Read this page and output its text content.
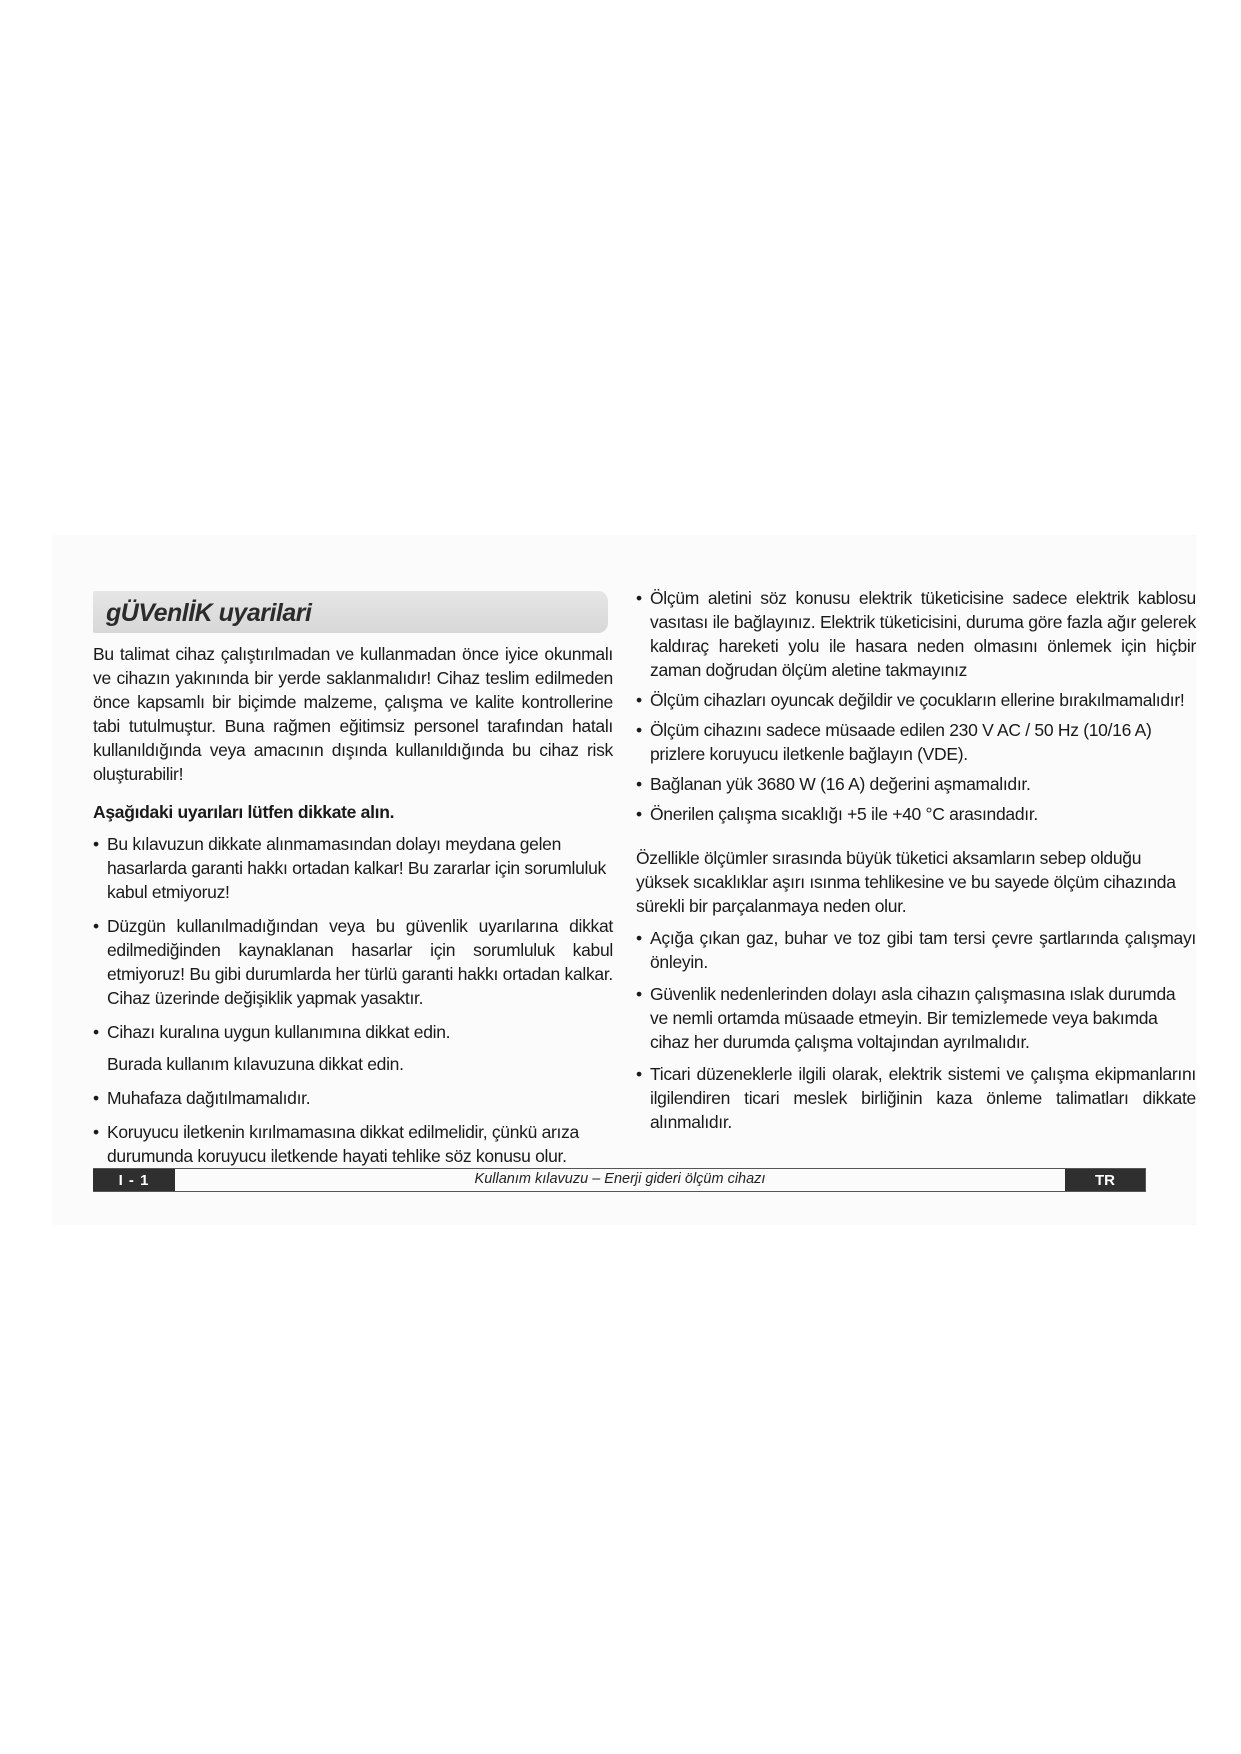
gÜVenlİK uyarilari

Bu talimat cihaz çalıştırılmadan ve kullanmadan önce iyice okunmalı ve cihazın yakınında bir yerde saklanmalıdır! Cihaz teslim edilmeden önce kapsamlı bir biçimde malzeme, çalışma ve kalite kontrollerine tabi tutulmuştur. Buna rağmen eğitimsiz personel tarafından hatalı kullanıldığında veya amacının dışında kullanıldığında bu cihaz risk oluşturabilir!

Aşağıdaki uyarıları lütfen dikkate alın.

• Bu kılavuzun dikkate alınmamasından dolayı meydana gelen hasarlarda garanti hakkı ortadan kalkar! Bu zararlar için sorumluluk kabul etmiyoruz!
• Düzgün kullanılmadığından veya bu güvenlik uyarılarına dikkat edilmediğinden kaynaklanan hasarlar için sorumluluk kabul etmiyoruz! Bu gibi durumlarda her türlü garanti hakkı ortadan kalkar. Cihaz üzerinde değişiklik yapmak yasaktır.
• Cihazı kuralına uygun kullanımına dikkat edin.

Burada kullanım kılavuzuna dikkat edin.

• Muhafaza dağıtılmamalıdır.
• Koruyucu iletkenin kırılmamasına dikkat edilmelidir, çünkü arıza durumunda koruyucu iletkende hayati tehlike söz konusu olur.
• Ölçüm aletini söz konusu elektrik tüketicisine sadece elektrik kablosu vasıtası ile bağlayınız. Elektrik tüketicisini, duruma göre fazla ağır gelerek kaldıraç hareketi yolu ile hasara neden olmasını önlemek için hiçbir zaman doğrudan ölçüm aletine takmayınız
• Ölçüm cihazları oyuncak değildir ve çocukların ellerine bırakılmamalıdır!
• Ölçüm cihazını sadece müsaade edilen 230 V AC / 50 Hz (10/16 A) prizlere koruyucu iletkenle bağlayın (VDE).
• Bağlanan yük 3680 W (16 A) değerini aşmamalıdır.
• Önerilen çalışma sıcaklığı +5 ile +40 °C arasındadır.

Özellikle ölçümler sırasında büyük tüketici aksamların sebep olduğu yüksek sıcaklıklar aşırı ısınma tehlikesine ve bu sayede ölçüm cihazında sürekli bir parçalanmaya neden olur.

• Açığa çıkan gaz, buhar ve toz gibi tam tersi çevre şartlarında çalışmayı önleyin.
• Güvenlik nedenlerinden dolayı asla cihazın çalışmasına ıslak durumda ve nemli ortamda müsaade etmeyin. Bir temizlemede veya bakımda cihaz her durumda çalışma voltajından ayrılmalıdır.
• Ticari düzeneklerle ilgili olarak, elektrik sistemi ve çalışma ekipmanlarını ilgilendiren ticari meslek birliğinin kaza önleme talimatları dikkate alınmalıdır.
I - 1	Kullanım kılavuzu – Enerji gideri ölçüm cihazı	TR
